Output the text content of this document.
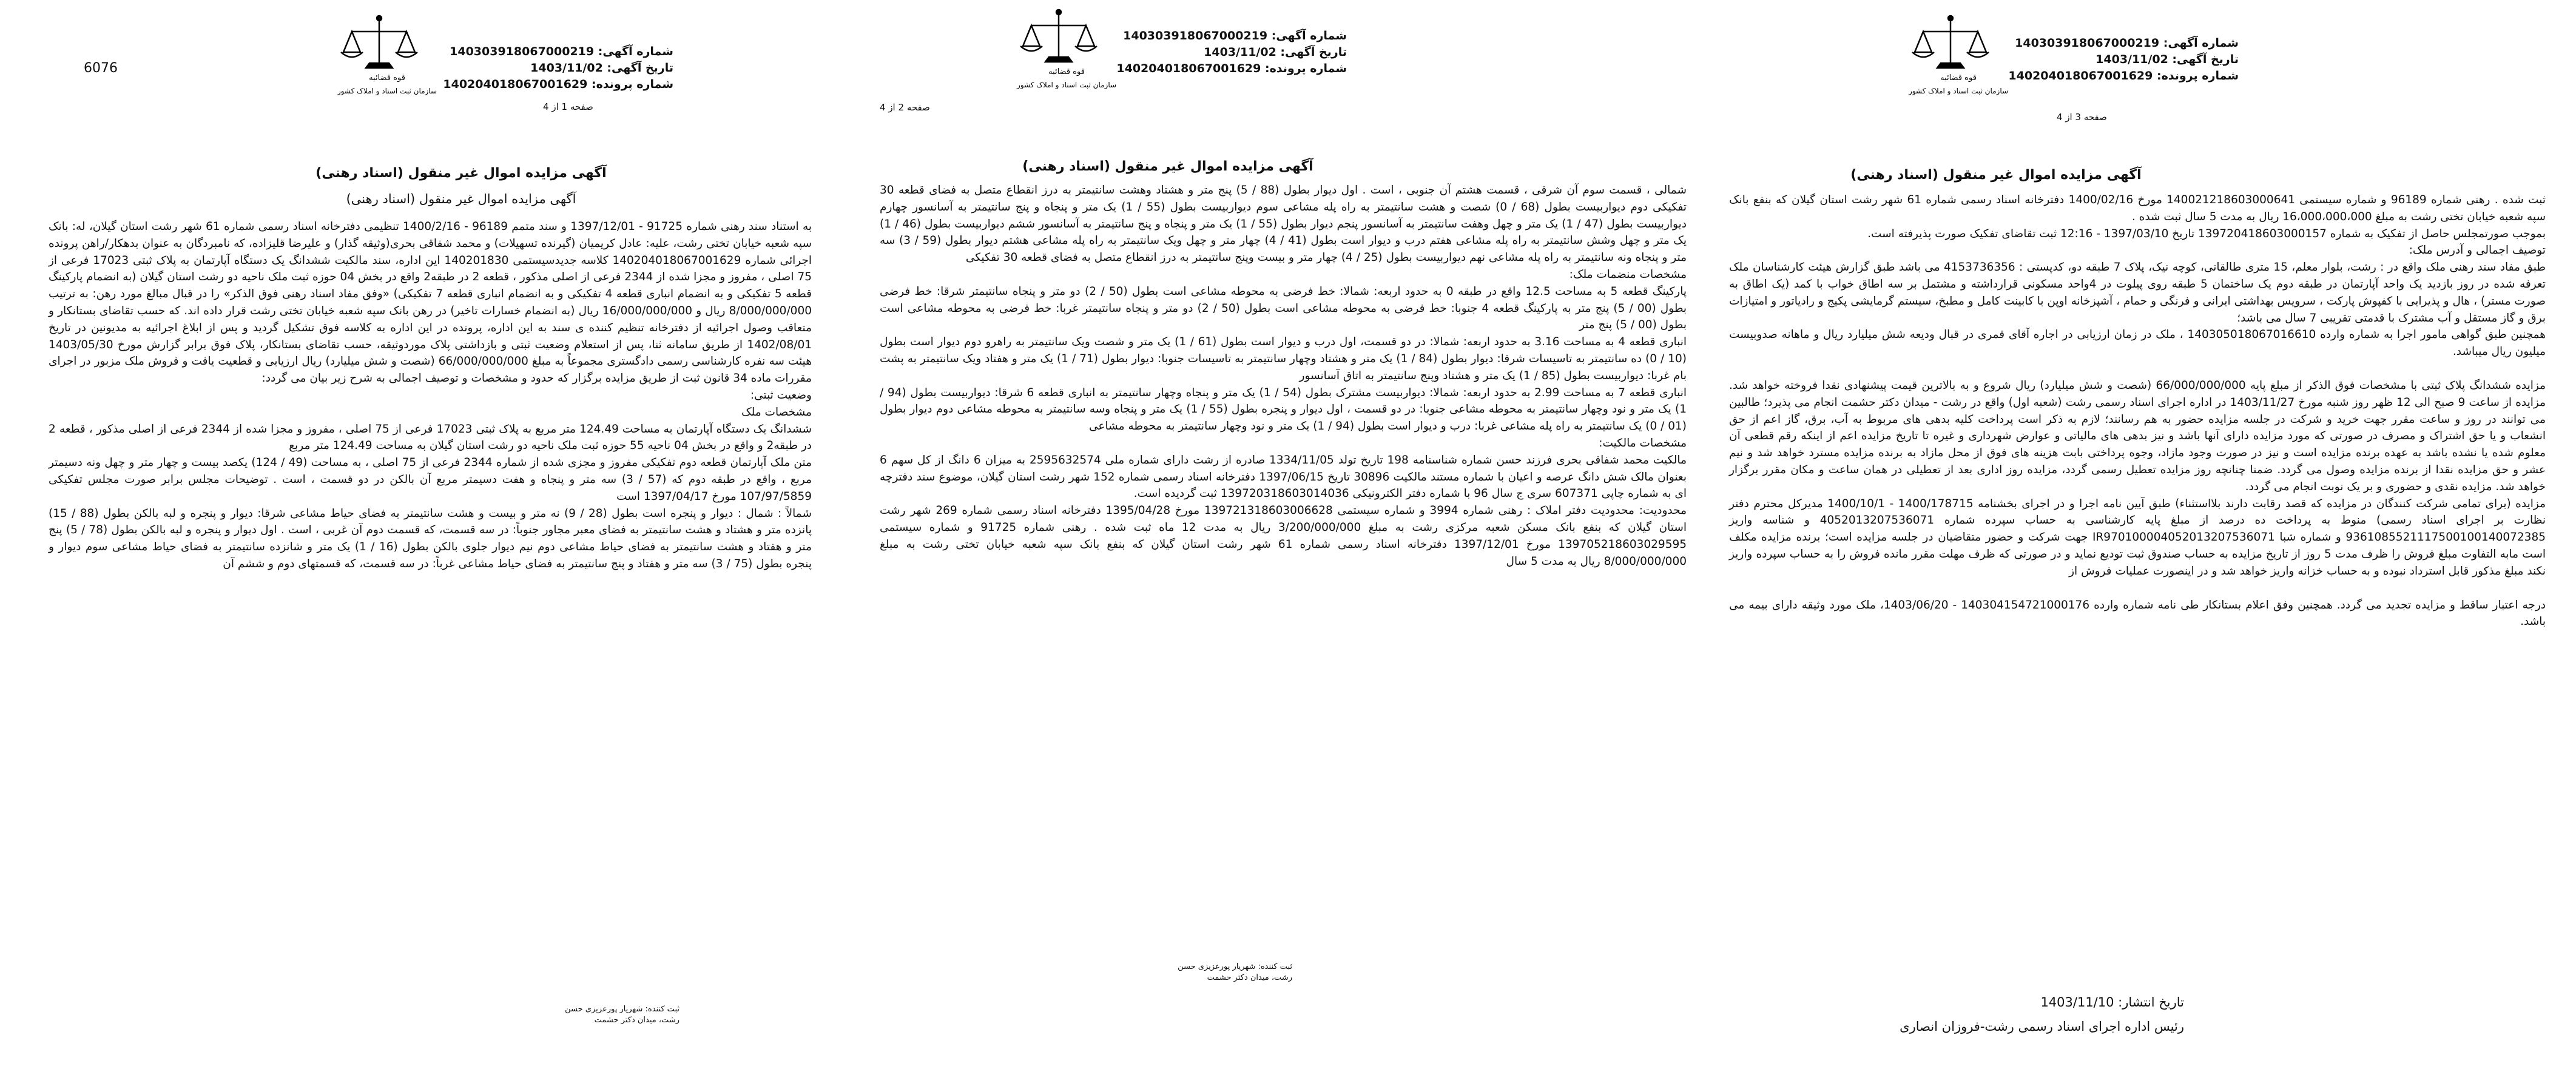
6076
قوه قضائیه
سازمان ثبت اسناد و املاک کشور
شماره آگهی: 140303918067000219
تاریخ آگهی: 1403/11/02
شماره پرونده: 140204018067001629
صفحه 1 از 4
آگهی مزایده اموال غیر منقول (اسناد رهنی)
آگهی مزایده اموال غیر منقول (اسناد رهنی)

به استناد سند رهنی شماره 91725 - 1397/12/01 و سند متمم 96189 - 1400/2/16 تنظیمی دفترخانه اسناد رسمی شماره 61 شهر رشت استان گیلان، له: بانک سپه شعبه خیابان تختی رشت، علیه: عادل کریمیان (گیرنده تسهیلات) و محمد شفاقی بحری(وثیقه گذار) و علیرضا قلیزاده، که نامبردگان به عنوان بدهکار/راهن پرونده اجرائی شماره 140204018067001629 کلاسه جدیدسیستمی 140201830 این اداره، سند مالکیت ششدانگ یک دستگاه آپارتمان به پلاک ثبتی 17023 فرعی از 75 اصلی ، مفروز و مجزا شده از 2344 فرعی از اصلی مذکور ، قطعه 2 در طبقه2 واقع در بخش 04 حوزه ثبت ملک ناحیه دو رشت استان گیلان (به انضمام پارکینگ قطعه 5 تفکیکی و به انضمام انباری قطعه 4 تفکیکی و به انضمام انباری قطعه 7 تفکیکی) «وفق مفاد اسناد رهنی فوق الذکر» را در قبال مبالغ مورد رهن: به ترتیب 8/000/000/000 ریال و 16/000/000/000 ریال (به انضمام خسارات تاخیر) در رهن بانک سپه شعبه خیابان تختی رشت قرار داده اند. که حسب تقاضای بستانکار و متعاقب وصول اجرائیه از دفترخانه تنظیم کننده ی سند به این اداره، پرونده در این اداره به کلاسه فوق تشکیل گردید و پس از ابلاغ اجرائیه به مدیونین در تاریخ 1402/08/01 از طریق سامانه ثنا، پس از استعلام وضعیت ثبتی و بازداشتی پلاک موردوثیقه، حسب تقاضای بستانکار، پلاک فوق برابر گزارش مورخ 1403/05/30 هیئت سه نفره کارشناسی رسمی دادگستری مجموعاً به مبلغ 66/000/000/000 (شصت و شش میلیارد) ریال ارزیابی و قطعیت یافت و فروش ملک مزبور در اجرای مقررات ماده 34 قانون ثبت از طریق مزایده برگزار که حدود و مشخصات و توصیف اجمالی به شرح زیر بیان می گردد:

وضعیت ثبتی:

مشخصات ملک

ششدانگ یک دستگاه آپارتمان به مساحت 124.49 متر مربع به پلاک ثبتی 17023 فرعی از 75 اصلی ، مفروز و مجزا شده از 2344 فرعی از اصلی مذکور ، قطعه 2 در طبقه2 و واقع در بخش 04 ناحیه 55 حوزه ثبت ملک ناحیه دو رشت استان گیلان به مساحت 124.49 متر مربع

متن ملک آپارتمان قطعه دوم تفکیکی مفروز و مجزی شده از شماره 2344 فرعی از 75 اصلی ، به مساحت (49 / 124) یکصد بیست و چهار متر و چهل ونه دسیمتر مربع ، واقع در طبقه دوم که (57 / 3) سه متر و پنجاه و هفت دسیمتر مربع آن بالکن در دو قسمت ، است . توضیحات مجلس برابر صورت مجلس تفکیکی 107/97/5859 مورخ 1397/04/17 است

شمالاً : شمال : دیوار و پنجره است بطول (28 / 9) نه متر و بیست و هشت سانتیمتر به فضای حیاط مشاعی شرقا: دیوار و پنجره و لبه بالکن بطول (88 / 15) پانزده متر و هشتاد و هشت سانتیمتر به فضای معبر مجاور جنوباً: در سه قسمت، که قسمت دوم آن غربی ، است . اول دیوار و پنجره و لبه بالکن بطول (78 / 5) پنج متر و هفتاد و هشت سانتیمتر به فضای حیاط مشاعی دوم نیم دیوار جلوی بالکن بطول (16 / 1) یک متر و شانزده سانتیمتر به فضای حیاط مشاعی سوم دیوار و پنجره بطول (75 / 3) سه متر و هفتاد و پنج سانتیمتر به فضای حیاط مشاعی غرباً: در سه قسمت، که قسمتهای دوم و ششم آن

ثبت کننده: شهریار پورعزیزی حسن
رشت، میدان دکتر حشمت
قوه قضائیه
سازمان ثبت اسناد و املاک کشور
شماره آگهی: 140303918067000219
تاریخ آگهی: 1403/11/02
شماره پرونده: 140204018067001629
صفحه 2 از 4
آگهی مزایده اموال غیر منقول (اسناد رهنی)

شمالی ، قسمت سوم آن شرقی ، قسمت هشتم آن جنوبی ، است . اول دیوار بطول (88 / 5) پنج متر و هشتاد وهشت سانتیمتر به درز انقطاع متصل به فضای قطعه 30 تفکیکی دوم دیواربیست بطول (68 / 0) شصت و هشت سانتیمتر به راه پله مشاعی سوم دیواربیست بطول (55 / 1) یک متر و پنجاه و پنج سانتیمتر به آسانسور چهارم دیواربیست بطول (47 / 1) یک متر و چهل وهفت سانتیمتر به آسانسور پنجم دیوار بطول (55 / 1) یک متر و پنجاه و پنج سانتیمتر به آسانسور ششم دیواربیست بطول (46 / 1) یک متر و چهل وشش سانتیمتر به راه پله مشاعی هفتم درب و دیوار است بطول (41 / 4) چهار متر و چهل ویک سانتیمتر به راه پله مشاعی هشتم دیوار بطول (59 / 3) سه متر و پنجاه ونه سانتیمتر به راه پله مشاعی نهم دیواربیست بطول (25 / 4) چهار متر و بیست وپنج سانتیمتر به درز انقطاع متصل به فضای قطعه 30 تفکیکی

مشخصات منضمات ملک:

پارکینگ قطعه 5 به مساحت 12.5 واقع در طبقه 0 به حدود اربعه: شمالا: خط فرضی به محوطه مشاعی است بطول (50 / 2) دو متر و پنجاه سانتیمتر شرقا: خط فرضی بطول (00 / 5) پنج متر به پارکینگ قطعه 4 جنوبا: خط فرضی به محوطه مشاعی است بطول (50 / 2) دو متر و پنجاه سانتیمتر غربا: خط فرضی به محوطه مشاعی است بطول (00 / 5) پنج متر

انباری قطعه 4 به مساحت 3.16 به حدود اربعه: شمالا: در دو قسمت، اول درب و دیوار است بطول (61 / 1) یک متر و شصت ویک سانتیمتر به راهرو دوم دیوار است بطول (10 / 0) ده سانتیمتر به تاسیسات شرقا: دیوار بطول (84 / 1) یک متر و هشتاد وچهار سانتیمتر به تاسیسات جنوبا: دیوار بطول (71 / 1) یک متر و هفتاد ویک سانتیمتر به پشت بام غربا: دیواربیست بطول (85 / 1) یک متر و هشتاد وپنج سانتیمتر به اتاق آسانسور

انباری قطعه 7 به مساحت 2.99 به حدود اربعه: شمالا: دیواربیست مشترک بطول (54 / 1) یک متر و پنجاه وچهار سانتیمتر به انباری قطعه 6 شرقا: دیواربیست بطول (94 / 1) یک متر و نود وچهار سانتیمتر به محوطه مشاعی جنوبا: در دو قسمت ، اول دیوار و پنجره بطول (55 / 1) یک متر و پنجاه وسه سانتیمتر به محوطه مشاعی دوم دیوار بطول (01 / 0) یک سانتیمتر به راه پله مشاعی غربا: درب و دیوار است بطول (94 / 1) یک متر و نود وچهار سانتیمتر به محوطه مشاعی

مشخصات مالکیت:

مالکیت محمد شفاقی بحری فرزند حسن شماره شناسنامه 198 تاریخ تولد 1334/11/05 صادره از رشت دارای شماره ملی 2595632574 به میزان 6 دانگ از کل سهم 6 بعنوان مالک شش دانگ عرصه و اعیان با شماره مستند مالکیت 30896 تاریخ 1397/06/15 دفترخانه اسناد رسمی شماره 152 شهر رشت استان گیلان، موضوع سند دفترچه ای به شماره چاپی 607371 سری ج سال 96 با شماره دفتر الکترونیکی 139720318603014036 ثبت گردیده است.

محدودیت: محدودیت دفتر املاک : رهنی شماره 3994 و شماره سیستمی 139721318603006628 مورخ 1395/04/28 دفترخانه اسناد رسمی شماره 269 شهر رشت استان گیلان که بنفع بانک مسکن شعبه مرکزی رشت به مبلغ 3/200/000/000 ریال به مدت 12 ماه ثبت شده . رهنی شماره 91725 و شماره سیستمی 139705218603029595 مورخ 1397/12/01 دفترخانه اسناد رسمی شماره 61 شهر رشت استان گیلان که بنفع بانک سپه شعبه خیابان تختی رشت به مبلغ 8/000/000/000 ریال به مدت 5 سال

ثبت کننده: شهریار پورعزیزی حسن
رشت، میدان دکتر حشمت
قوه قضائیه
سازمان ثبت اسناد و املاک کشور
شماره آگهی: 140303918067000219
تاریخ آگهی: 1403/11/02
شماره پرونده: 140204018067001629
صفحه 3 از 4
آگهی مزایده اموال غیر منقول (اسناد رهنی)

ثبت شده . رهنی شماره 96189 و شماره سیستمی 140021218603000641 مورخ 1400/02/16 دفترخانه اسناد رسمی شماره 61 شهر رشت استان گیلان که بنفع بانک سپه شعبه خیابان تختی رشت به مبلغ 16،000،000،000 ریال به مدت 5 سال ثبت شده .

بموجب صورتمجلس حاصل از تفکیک به شماره 139720418603000157 تاریخ 1397/03/10 - 12:16 ثبت تقاضای تفکیک صورت پذیرفته است.

توصیف اجمالی و آدرس ملک:

طبق مفاد سند رهنی ملک واقع در : رشت، بلوار معلم، 15 متری طالقانی، کوچه نیک، پلاک 7 طبقه دو، کدپستی : 4153736356 می باشد طبق گزارش هیئت کارشناسان ملک تعرفه شده در روز بازدید یک واحد آپارتمان در طبقه دوم یک ساختمان 5 طبقه روی پیلوت در 4واحد مسکونی قرارداشته و مشتمل بر سه اطاق خواب با کمد (یک اطاق به صورت مستر) ، هال و پذیرایی با کفپوش پارکت ، سرویس بهداشتی ایرانی و فرنگی و حمام ، آشپزخانه اوپن با کابینت کامل و مطبخ، سیستم گرمایشی پکیج و رادیاتور و امتیازات برق و گاز مستقل و آب مشترک با قدمتی تقریبی 7 سال می باشد؛

همچنین طبق گواهی مامور اجرا به شماره وارده 140305018067016610 ، ملک در زمان ارزیابی در اجاره آقای قمری در قبال ودیعه شش میلیارد ریال و ماهانه صدوبیست میلیون ریال میباشد.

مزایده ششدانگ پلاک ثبتی با مشخصات فوق الذکر از مبلغ پایه 66/000/000/000 (شصت و شش میلیارد) ریال شروع و به بالاترین قیمت پیشنهادی نقدا فروخته خواهد شد. مزایده از ساعت 9 صبح الی 12 ظهر روز شنبه مورخ 1403/11/27 در اداره اجرای اسناد رسمی رشت (شعبه اول) واقع در رشت - میدان دکتر حشمت انجام می پذیرد؛ طالبین می توانند در روز و ساعت مقرر جهت خرید و شرکت در جلسه مزایده حضور به هم رسانند؛ لازم به ذکر است پرداخت کلیه بدهی های مربوط به آب، برق، گاز اعم از حق انشعاب و یا حق اشتراک و مصرف در صورتی که مورد مزایده دارای آنها باشد و نیز بدهی های مالیاتی و عوارض شهرداری و غیره تا تاریخ مزایده اعم از اینکه رقم قطعی آن معلوم شده یا نشده باشد به عهده برنده مزایده است و نیز در صورت وجود مازاد، وجوه پرداختی بابت هزینه های فوق از محل مازاد به برنده مزایده مسترد خواهد شد و نیم عشر و حق مزایده نقدا از برنده مزایده وصول می گردد. ضمنا چنانچه روز مزایده تعطیل رسمی گردد، مزایده روز اداری بعد از تعطیلی در همان ساعت و مکان مقرر برگزار خواهد شد. مزایده نقدی و حضوری و بر یک نوبت انجام می گردد.

مزایده (برای تمامی شرکت کنندگان در مزایده که قصد رقابت دارند بلااستثناء) طبق آیین نامه اجرا و در اجرای بخشنامه 1400/178715 - 1400/10/1 مدیرکل محترم دفتر نظارت بر اجرای اسناد رسمی) منوط به پرداخت ده درصد از مبلغ پایه کارشناسی به حساب سپرده شماره 4052013207536071 و شناسه واریز 9361085521117500100140072385 و شماره شبا IR970100004052013207536071 جهت شرکت و حضور متقاضیان در جلسه مزایده است؛ برنده مزایده مکلف است مابه التفاوت مبلغ فروش را ظرف مدت 5 روز از تاریخ مزایده به حساب صندوق ثبت تودیع نماید و در صورتی که ظرف مهلت مقرر مانده فروش را به حساب سپرده واریز نکند مبلغ مذکور قابل استرداد نبوده و به حساب خزانه واریز خواهد شد و در اینصورت عملیات فروش از

درجه اعتبار ساقط و مزایده تجدید می گردد. همچنین وفق اعلام بستانکار طی نامه شماره وارده 140304154721000176 - 1403/06/20، ملک مورد وثیقه دارای بیمه می باشد.

تاریخ انتشار: 1403/11/10
رئیس اداره اجرای اسناد رسمی رشت-فروزان انصاری
